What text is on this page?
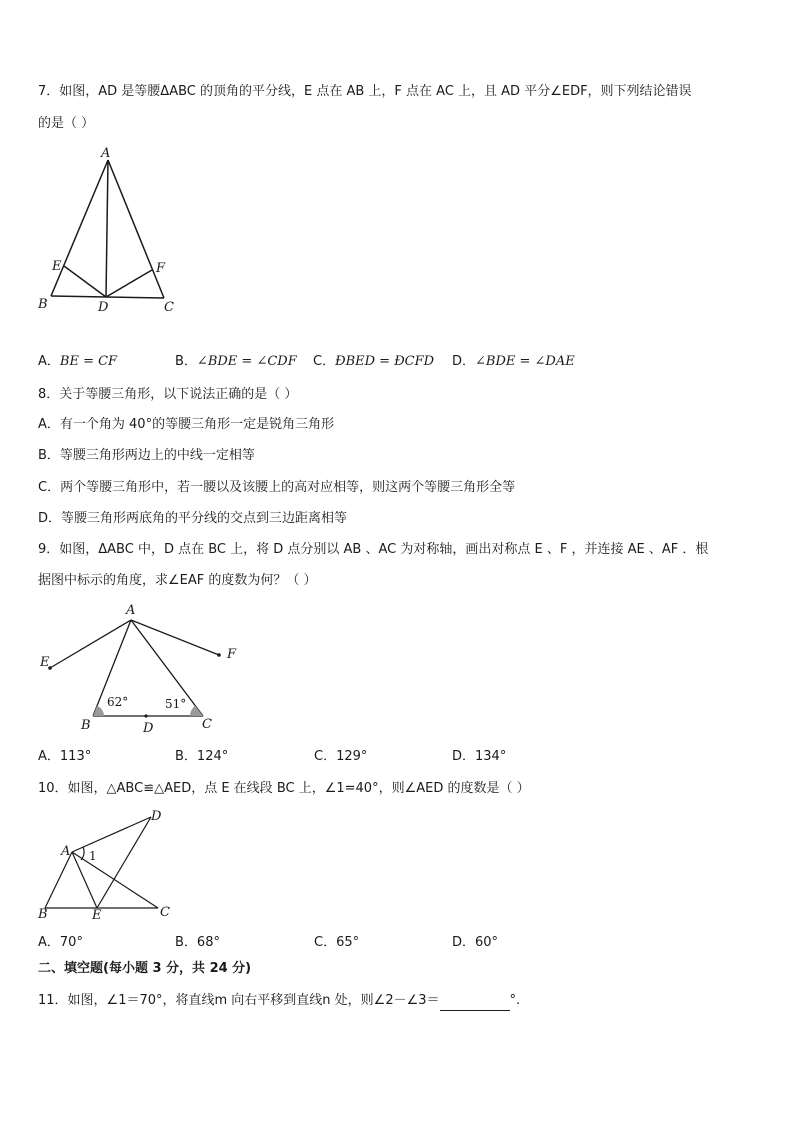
7．如图，AD 是等腰ΔABC 的顶角的平分线，E 点在 AB 上，F 点在 AC 上，且 AD 平分∠EDF，则下列结论错误
的是（ ）
A
B	C
D
E	F
A．BE = CF	B．∠BDE = ∠CDF C．ÐBED = ÐCFD D．∠BDE = ∠DAE
8．关于等腰三角形，以下说法正确的是（ ）
A．有一个角为 40°的等腰三角形一定是锐角三角形
B．等腰三角形两边上的中线一定相等
C．两个等腰三角形中，若一腰以及该腰上的高对应相等，则这两个等腰三角形全等
D．等腰三角形两底角的平分线的交点到三边距离相等
9．如图，ΔABC 中，D 点在 BC 上，将 D 点分别以 AB 、AC 为对称轴，画出对称点 E 、F ，并连接 AE 、AF ．根
据图中标示的角度，求∠EAF 的度数为何？（ ）
A
B	C
D
E
F
62°	51°
A．113°	B．124°	C．129°	D．134°
10．如图，△ABC≌△AED，点 E 在线段 BC 上，∠1=40°，则∠AED 的度数是（ ）
A
B	C
D
E
1
A．70°	B．68°	C．65°	D．60°
二、填空题(每小题 3 分，共 24 分)
11．如图，∠1＝70°，将直线m 向右平移到直线n 处，则∠2－∠3＝	°.
